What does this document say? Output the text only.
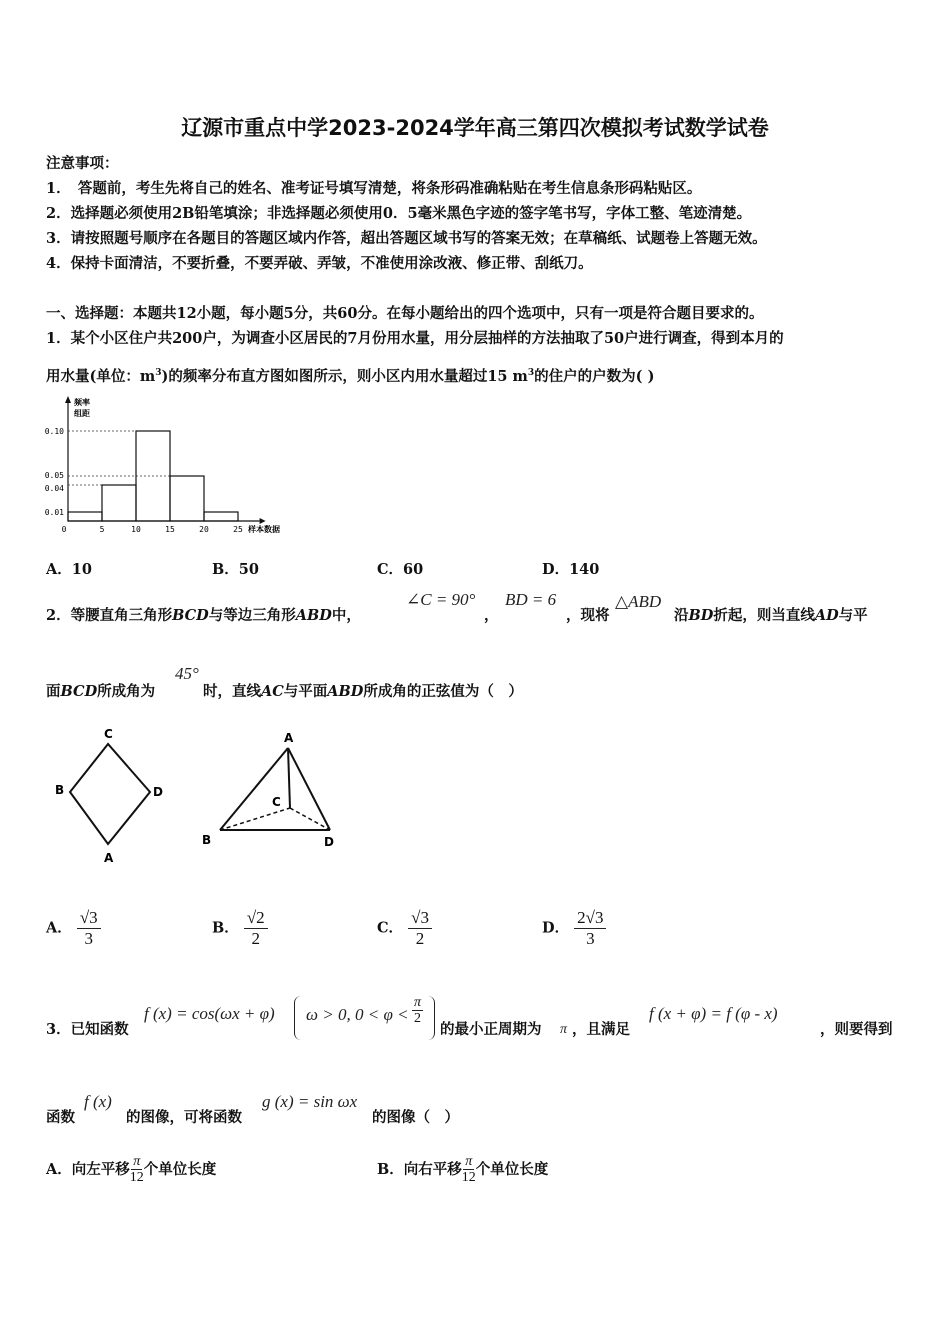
辽源市重点中学2023-2024学年高三第四次模拟考试数学试卷
注意事项：
1．　答题前，考生先将自己的姓名、准考证号填写清楚，将条形码准确粘贴在考生信息条形码粘贴区。
2．选择题必须使用2B铅笔填涂；非选择题必须使用0．5毫米黑色字迹的签字笔书写，字体工整、笔迹清楚。
3．请按照题号顺序在各题目的答题区域内作答，超出答题区域书写的答案无效；在草稿纸、试题卷上答题无效。
4．保持卡面清洁，不要折叠，不要弄破、弄皱，不准使用涂改液、修正带、刮纸刀。
一、选择题：本题共12小题，每小题5分，共60分。在每小题给出的四个选项中，只有一项是符合题目要求的。
1．某个小区住户共200户，为调查小区居民的7月份用水量，用分层抽样的方法抽取了50户进行调查，得到本月的
用水量(单位：$m^3$)的频率分布直方图如图所示，则小区内用水量超过15 $m^3$的住户的户数为( )
频率
组距
0.01
0.04
0.05
0.10
0	5	10	15	20	25 样本数据
A．10	B．50	C．60	D．140
2．等腰直角三角形BCD与等边三角形ABD中，
∠C = 90°
，
BD = 6
，现将
△ABD
沿BD折起，则当直线AD与平
面BCD所成角为
45°
时，直线AC与平面ABD所成角的正弦值为（　）
C
B	D
A
A
C
B	D
A． $\frac{√3}{3}$	B． $\frac{√2}{2}$	C． $\frac{√3}{2}$	D． $\frac{2√3}{3}$
3．已知函数
f (x) = cos(ωx + φ) ω > 0, $0 < \varphi < \frac{\pi}{2}$
的最小正周期为 π ，且满足
f (x + φ) = f (φ - x)
，则要得到
函数
f (x)
的图像，可将函数
g (x) = sin ωx
的图像（　）
A．向左平移 $\frac{\pi}{12}$ 个单位长度	B．向右平移 $\frac{\pi}{12}$ 个单位长度
